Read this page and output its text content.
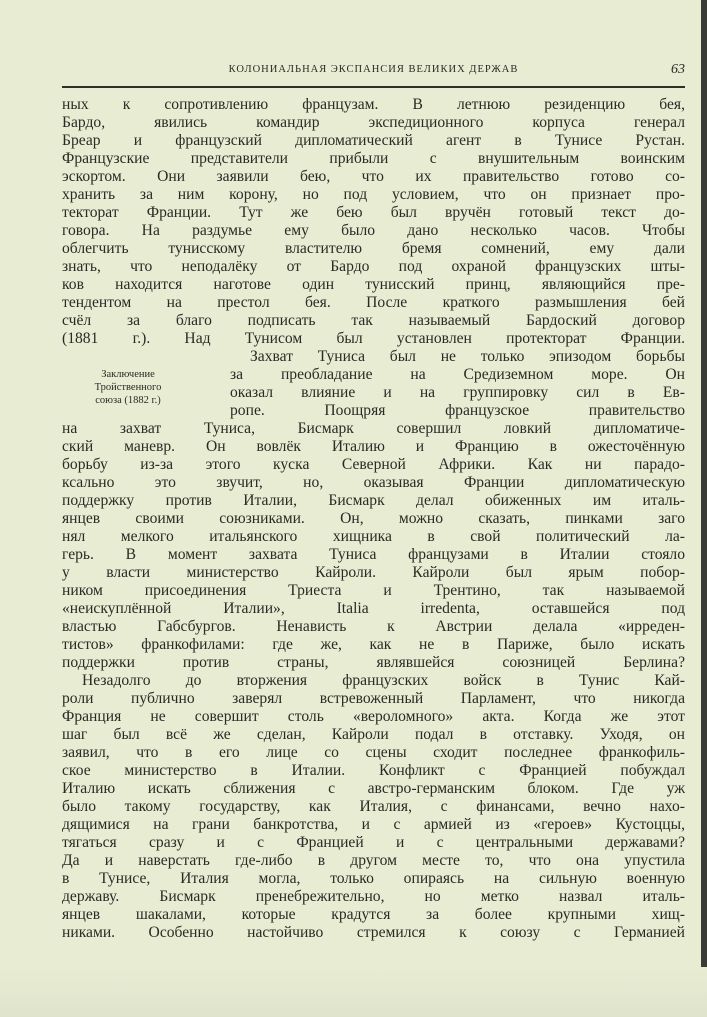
КОЛОНИАЛЬНАЯ ЭКСПАНСИЯ ВЕЛИКИХ ДЕРЖАВ	63
Заключение
Тройственного
союза (1882 г.)
ных к сопротивлению французам. В летнюю резиденцию бея,
Бардо, явились командир экспедиционного корпуса генерал
Бреар и французский дипломатический агент в Тунисе Рустан.
Французские представители прибыли с внушительным воинским
эскортом. Они заявили бею, что их правительство готово со-
хранить за ним корону, но под условием, что он признает про-
текторат Франции. Тут же бею был вручён готовый текст до-
говора. На раздумье ему было дано несколько часов. Чтобы
облегчить тунисскому властителю бремя сомнений, ему дали
знать, что неподалёку от Бардо под охраной французских шты-
ков находится наготове один тунисский принц, являющийся пре-
тендентом на престол бея. После краткого размышления бей
счёл за благо подписать так называемый Бардоский договор
(1881 г.). Над Тунисом был установлен протекторат Франции.
Захват Туниса был не только эпизодом борьбы
за преобладание на Средиземном море. Он
оказал влияние и на группировку сил в Ев-
ропе. Поощряя французское правительство
на захват Туниса, Бисмарк совершил ловкий дипломатиче-
ский маневр. Он вовлёк Италию и Францию в ожесточённую
борьбу из-за этого куска Северной Африки. Как ни парадо-
ксально это звучит, но, оказывая Франции дипломатическую
поддержку против Италии, Бисмарк делал обиженных им италь-
янцев своими союзниками. Он, можно сказать, пинками заго
нял мелкого итальянского хищника в свой политический ла-
герь. В момент захвата Туниса французами в Италии стояло
у власти министерство Кайроли. Кайроли был ярым побор-
ником присоединения Триеста и Трентино, так называемой
«неискуплённой Италии», Italia irredenta, оставшейся под
властью Габсбургов. Ненависть к Австрии делала «ирреден-
тистов» франкофилами: где же, как не в Париже, было искать
поддержки против страны, являвшейся союзницей Берлина?
Незадолго до вторжения французских войск в Тунис Кай-
роли публично заверял встревоженный Парламент, что никогда
Франция не совершит столь «вероломного» акта. Когда же этот
шаг был всё же сделан, Кайроли подал в отставку. Уходя, он
заявил, что в его лице со сцены сходит последнее франкофиль-
ское министерство в Италии. Конфликт с Францией побуждал
Италию искать сближения с австро-германским блоком. Где уж
было такому государству, как Италия, с финансами, вечно нахо-
дящимися на грани банкротства, и с армией из «героев» Кустоццы,
тягаться сразу и с Францией и с центральными державами?
Да и наверстать где-либо в другом месте то, что она упустила
в Тунисе, Италия могла, только опираясь на сильную военную
державу. Бисмарк пренебрежительно, но метко назвал италь-
янцев шакалами, которые крадутся за более крупными хищ-
никами. Особенно настойчиво стремился к союзу с Германией
